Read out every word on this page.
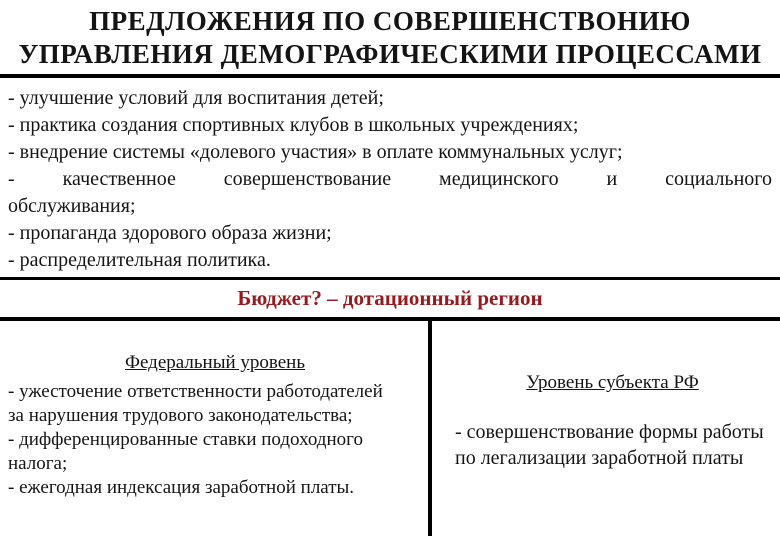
ПРЕДЛОЖЕНИЯ ПО СОВЕРШЕНСТВОНИЮ
УПРАВЛЕНИЯ ДЕМОГРАФИЧЕСКИМИ ПРОЦЕССАМИ

- улучшение условий для воспитания детей;

- практика создания спортивных клубов в школьных учреждениях;

- внедрение системы «долевого участия» в оплате коммунальных услуг;

- качественное совершенствование медицинского и социального

обслуживания;

- пропаганда здорового образа жизни;

- распределительная политика.

Бюджет? – дотационный регион
Федеральный уровень
- ужесточение ответственности работодателей
за нарушения трудового законодательства;
- дифференцированные ставки подоходного
налога;
- ежегодная индексация заработной платы.
Уровень субъекта РФ
- совершенствование формы работы
по легализации заработной платы
